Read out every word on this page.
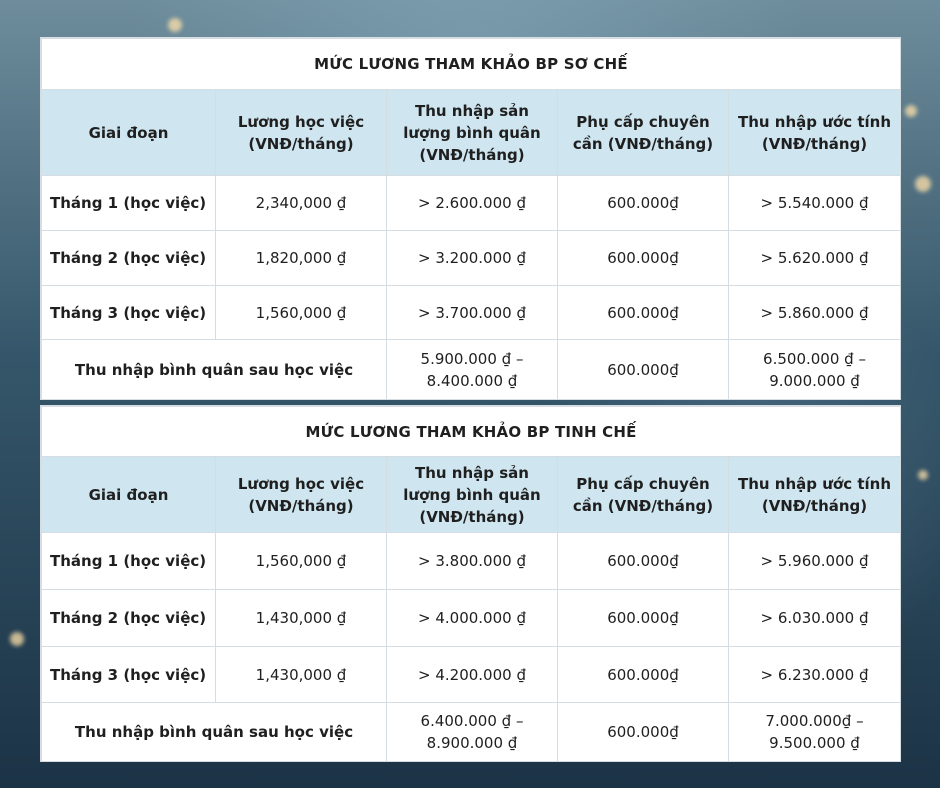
MỨC LƯƠNG THAM KHẢO BP SƠ CHẾ				
Giai đoạn	Lương học việc (VNĐ/tháng)	Thu nhập sản lượng bình quân (VNĐ/tháng)	Phụ cấp chuyên cần (VNĐ/tháng)	Thu nhập ước tính (VNĐ/tháng)
Tháng 1 (học việc)	2,340,000 ₫	> 2.600.000 ₫	600.000₫	> 5.540.000 ₫
Tháng 2 (học việc)	1,820,000 ₫	> 3.200.000 ₫	600.000₫	> 5.620.000 ₫
Tháng 3 (học việc)	1,560,000 ₫	> 3.700.000 ₫	600.000₫	> 5.860.000 ₫
Thu nhập bình quân sau học việc		5.900.000 ₫ – 8.400.000 ₫	600.000₫	6.500.000 ₫ – 9.000.000 ₫
MỨC LƯƠNG THAM KHẢO BP TINH CHẾ				
Giai đoạn	Lương học việc (VNĐ/tháng)	Thu nhập sản lượng bình quân (VNĐ/tháng)	Phụ cấp chuyên cần (VNĐ/tháng)	Thu nhập ước tính (VNĐ/tháng)
Tháng 1 (học việc)	1,560,000 ₫	> 3.800.000 ₫	600.000₫	> 5.960.000 ₫
Tháng 2 (học việc)	1,430,000 ₫	> 4.000.000 ₫	600.000₫	> 6.030.000 ₫
Tháng 3 (học việc)	1,430,000 ₫	> 4.200.000 ₫	600.000₫	> 6.230.000 ₫
Thu nhập bình quân sau học việc		6.400.000 ₫ – 8.900.000 ₫	600.000₫	7.000.000₫ – 9.500.000 ₫
